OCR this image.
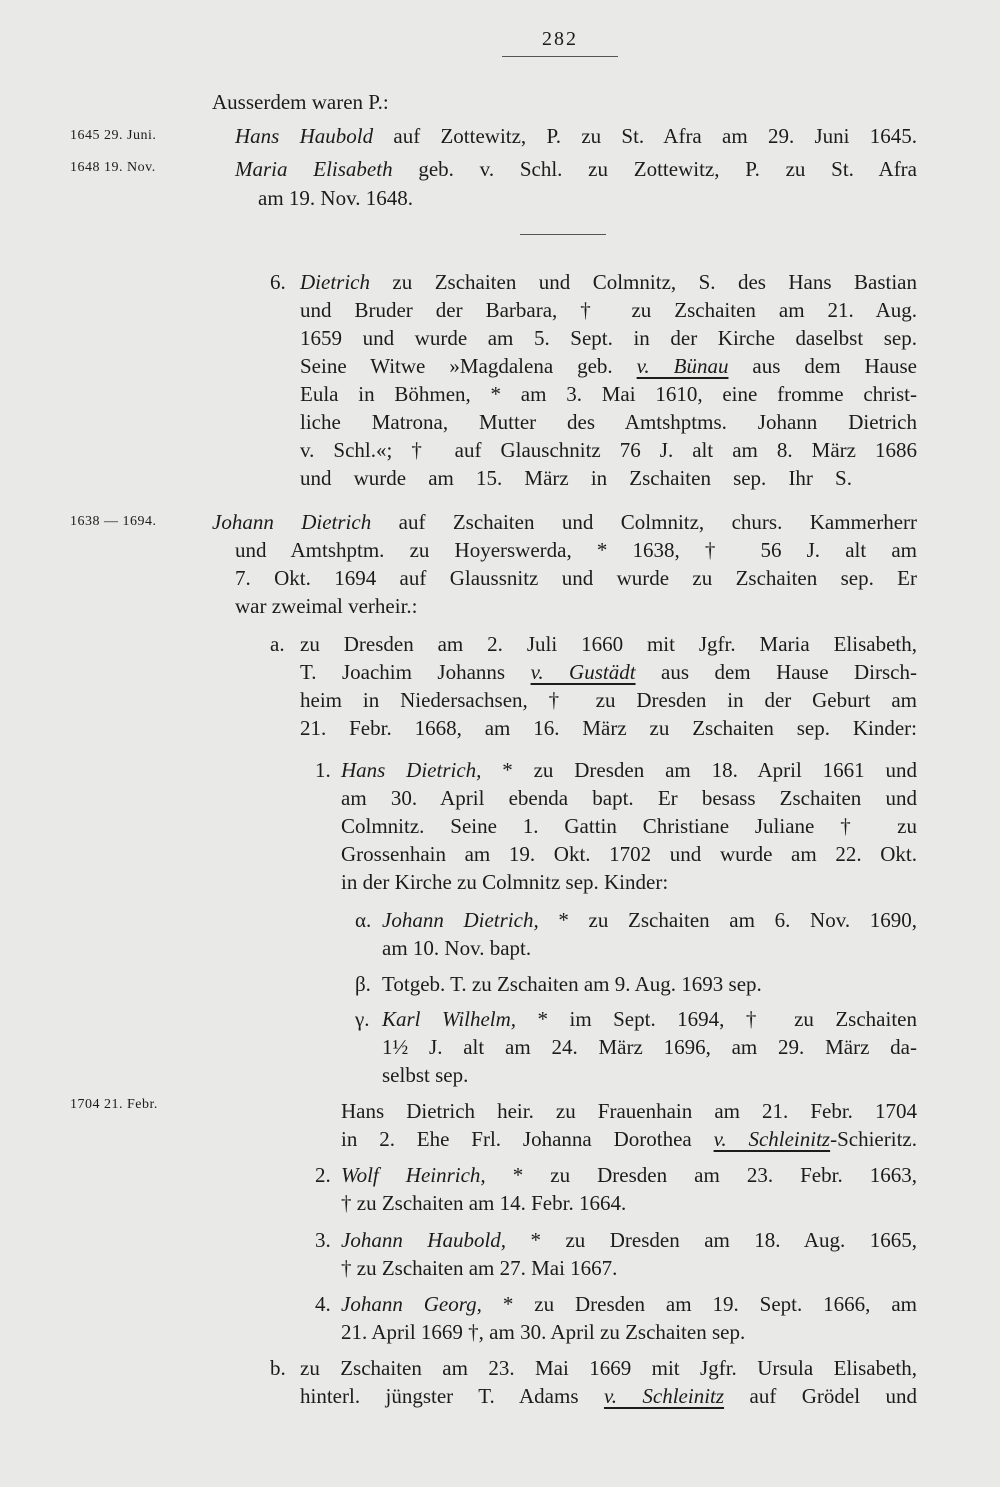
282
1645 29. Juni.
1648 19. Nov.
1638 — 1694.
1704 21. Febr.
Ausserdem waren P.:
Hans Haubold auf Zottewitz, P. zu St. Afra am 29. Juni 1645.
Maria Elisabeth geb. v. Schl. zu Zottewitz, P. zu St. Afra
am 19. Nov. 1648.
6. Dietrich zu Zschaiten und Colmnitz, S. des Hans Bastian
und Bruder der Barbara, † zu Zschaiten am 21. Aug.
1659 und wurde am 5. Sept. in der Kirche daselbst sep.
Seine Witwe »Magdalena geb. v. Bünau aus dem Hause
Eula in Böhmen, * am 3. Mai 1610, eine fromme christ-
liche Matrona, Mutter des Amtshptms. Johann Dietrich
v. Schl.«; † auf Glauschnitz 76 J. alt am 8. März 1686
und wurde am 15. März in Zschaiten sep. Ihr S.
Johann Dietrich auf Zschaiten und Colmnitz, churs. Kammerherr
und Amtshptm. zu Hoyerswerda, * 1638, † 56 J. alt am
7. Okt. 1694 auf Glaussnitz und wurde zu Zschaiten sep. Er
war zweimal verheir.:
a. zu Dresden am 2. Juli 1660 mit Jgfr. Maria Elisabeth,
T. Joachim Johanns v. Gustädt aus dem Hause Dirsch-
heim in Niedersachsen, † zu Dresden in der Geburt am
21. Febr. 1668, am 16. März zu Zschaiten sep. Kinder:
1. Hans Dietrich, * zu Dresden am 18. April 1661 und
am 30. April ebenda bapt. Er besass Zschaiten und
Colmnitz. Seine 1. Gattin Christiane Juliane † zu
Grossenhain am 19. Okt. 1702 und wurde am 22. Okt.
in der Kirche zu Colmnitz sep. Kinder:
α. Johann Dietrich, * zu Zschaiten am 6. Nov. 1690,
am 10. Nov. bapt.
β. Totgeb. T. zu Zschaiten am 9. Aug. 1693 sep.
γ. Karl Wilhelm, * im Sept. 1694, † zu Zschaiten
1½ J. alt am 24. März 1696, am 29. März da-
selbst sep.
Hans Dietrich heir. zu Frauenhain am 21. Febr. 1704
in 2. Ehe Frl. Johanna Dorothea v. Schleinitz-Schieritz.
2. Wolf Heinrich, * zu Dresden am 23. Febr. 1663,
† zu Zschaiten am 14. Febr. 1664.
3. Johann Haubold, * zu Dresden am 18. Aug. 1665,
† zu Zschaiten am 27. Mai 1667.
4. Johann Georg, * zu Dresden am 19. Sept. 1666, am
21. April 1669 †, am 30. April zu Zschaiten sep.
b. zu Zschaiten am 23. Mai 1669 mit Jgfr. Ursula Elisabeth,
hinterl. jüngster T. Adams v. Schleinitz auf Grödel und
